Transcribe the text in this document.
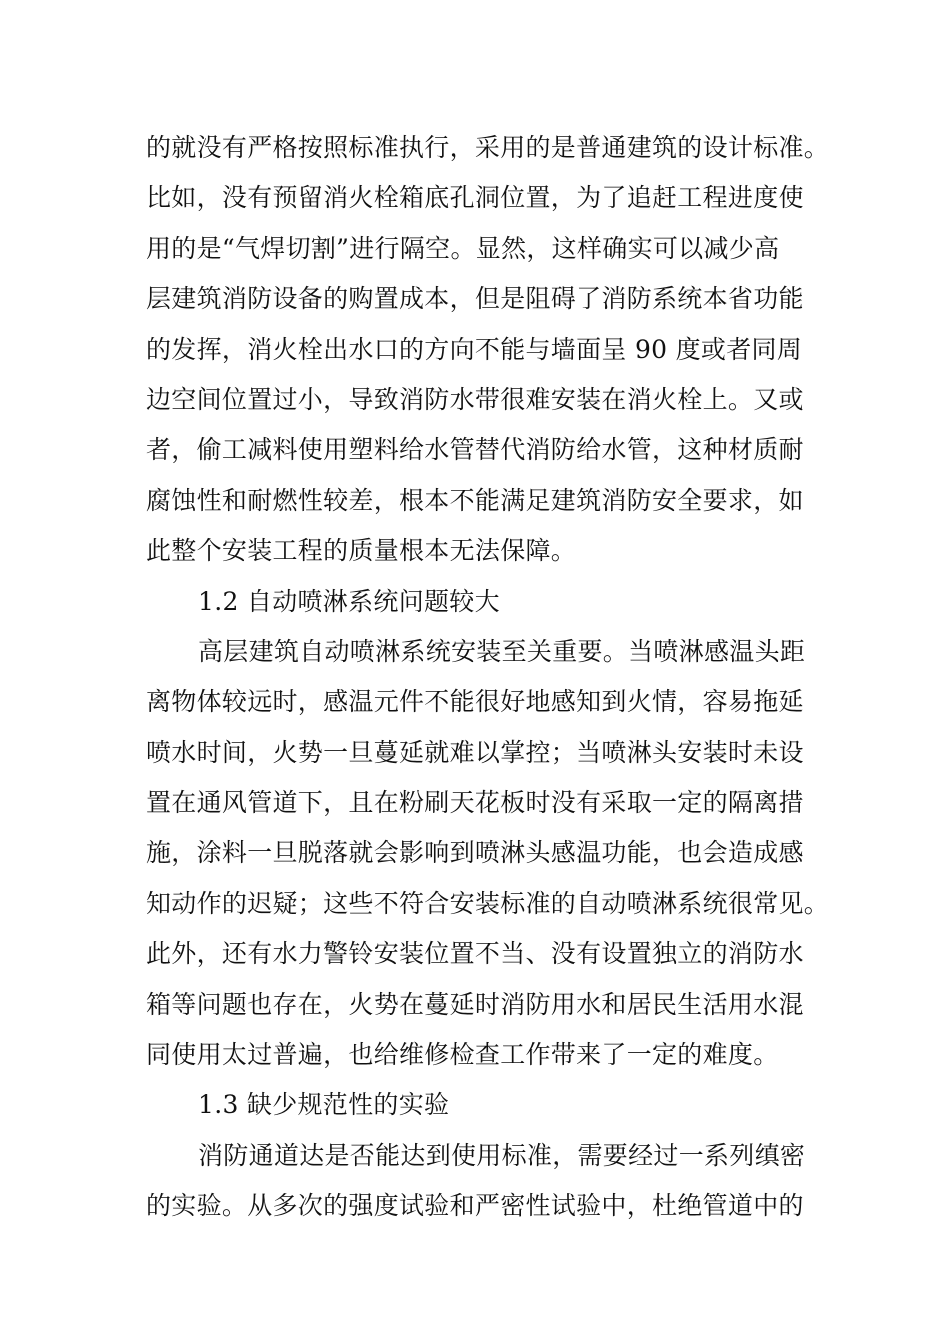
的就没有严格按照标准执行，采用的是普通建筑的设计标准。
比如，没有预留消火栓箱底孔洞位置，为了追赶工程进度使
用的是“气焊切割”进行隔空。显然，这样确实可以减少高
层建筑消防设备的购置成本，但是阻碍了消防系统本省功能
的发挥，消火栓出水口的方向不能与墙面呈 90 度或者同周
边空间位置过小，导致消防水带很难安装在消火栓上。又或
者，偷工减料使用塑料给水管替代消防给水管，这种材质耐
腐蚀性和耐燃性较差，根本不能满足建筑消防安全要求，如
此整个安装工程的质量根本无法保障。
1.2 自动喷淋系统问题较大
高层建筑自动喷淋系统安装至关重要。当喷淋感温头距
离物体较远时，感温元件不能很好地感知到火情，容易拖延
喷水时间，火势一旦蔓延就难以掌控；当喷淋头安装时未设
置在通风管道下，且在粉刷天花板时没有采取一定的隔离措
施，涂料一旦脱落就会影响到喷淋头感温功能，也会造成感
知动作的迟疑；这些不符合安装标准的自动喷淋系统很常见。
此外，还有水力警铃安装位置不当、没有设置独立的消防水
箱等问题也存在，火势在蔓延时消防用水和居民生活用水混
同使用太过普遍，也给维修检查工作带来了一定的难度。
1.3 缺少规范性的实验
消防通道达是否能达到使用标准，需要经过一系列缜密
的实验。从多次的强度试验和严密性试验中，杜绝管道中的
